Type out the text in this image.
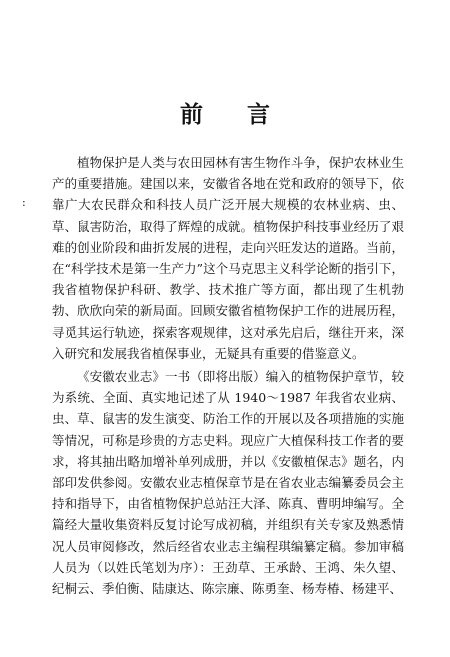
前 言
:

植物保护是人类与农田园林有害生物作斗争，保护农林业生产的重要措施。建国以来，安徽省各地在党和政府的领导下，依靠广大农民群众和科技人员广泛开展大规模的农林业病、虫、草、鼠害防治，取得了辉煌的成就。植物保护科技事业经历了艰难的创业阶段和曲折发展的进程，走向兴旺发达的道路。当前，在“科学技术是第一生产力”这个马克思主义科学论断的指引下，我省植物保护科研、教学、技术推广等方面，都出现了生机勃勃、欣欣向荣的新局面。回顾安徽省植物保护工作的进展历程，寻觅其运行轨迹，探索客观规律，这对承先启后，继往开来，深入研究和发展我省植保事业，无疑具有重要的借鉴意义。

《安徽农业志》一书（即将出版）编入的植物保护章节，较为系统、全面、真实地记述了从 1940～1987 年我省农业病、虫、草、鼠害的发生演变、防治工作的开展以及各项措施的实施等情况，可称是珍贵的方志史料。现应广大植保科技工作者的要求，将其抽出略加增补单列成册，并以《安徽植保志》题名，内部印发供参阅。安徽农业志植保章节是在省农业志编纂委员会主持和指导下，由省植物保护总站汪大泽、陈真、曹明坤编写。全篇经大量收集资料反复讨论写成初稿，并组织有关专家及熟悉情况人员审阅修改，然后经省农业志主编程琪编纂定稿。参加审稿人员为（以姓氏笔划为序）：王劲草、王承龄、王鸿、朱久望、纪桐云、季伯衡、陆康达、陈宗廉、陈勇奎、杨寿椿、杨建平、
